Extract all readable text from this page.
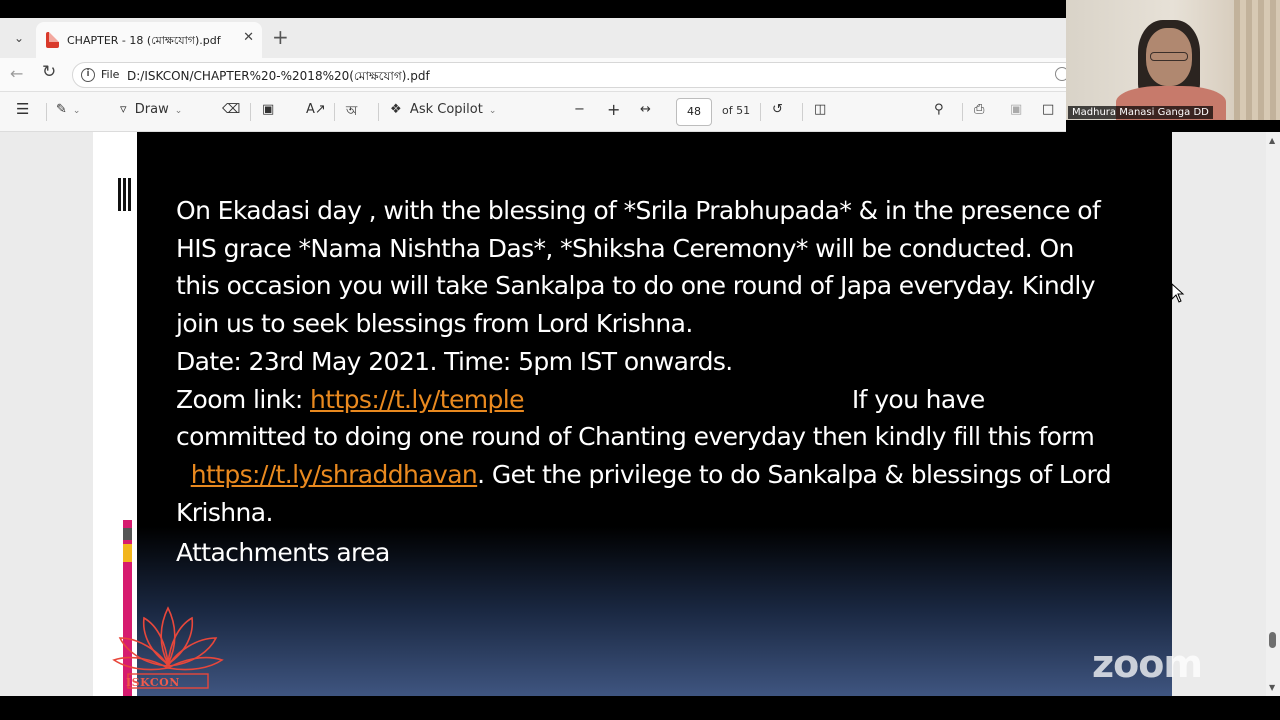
⌄	CHAPTER - 18 (মোক্ষযোগ).pdf ✕ +
← ↻	i	File D:/ISKCON/CHAPTER%20-%2018%20(মোক্ষযোগ).pdf
☰ ✎ ⌄	▿ Draw ⌄	⌫ ▣ A↗ অ	❖ Ask Copilot ⌄	− + ↔	48	of 51 ↺ ◫	⚲ ⎙ ▣ □
On Ekadasi day , with the blessing of *Srila Prabhupada* & in the presence of HIS grace *Nama Nishtha Das*, *Shiksha Ceremony* will be conducted. On this occasion you will take Sankalpa to do one round of Japa everyday. Kindly join us to seek blessings from Lord Krishna.
Date: 23rd May 2021. Time: 5pm IST onwards.
Zoom link: https://t.ly/temple	If you have committed to doing one round of Chanting everyday then kindly fill this form   https://t.ly/shraddhavan. Get the privilege to do Sankalpa & blessings of Lord Krishna.
Attachments area
ISKCON
▲
▼
Madhura Manasi Ganga DD
zoom
